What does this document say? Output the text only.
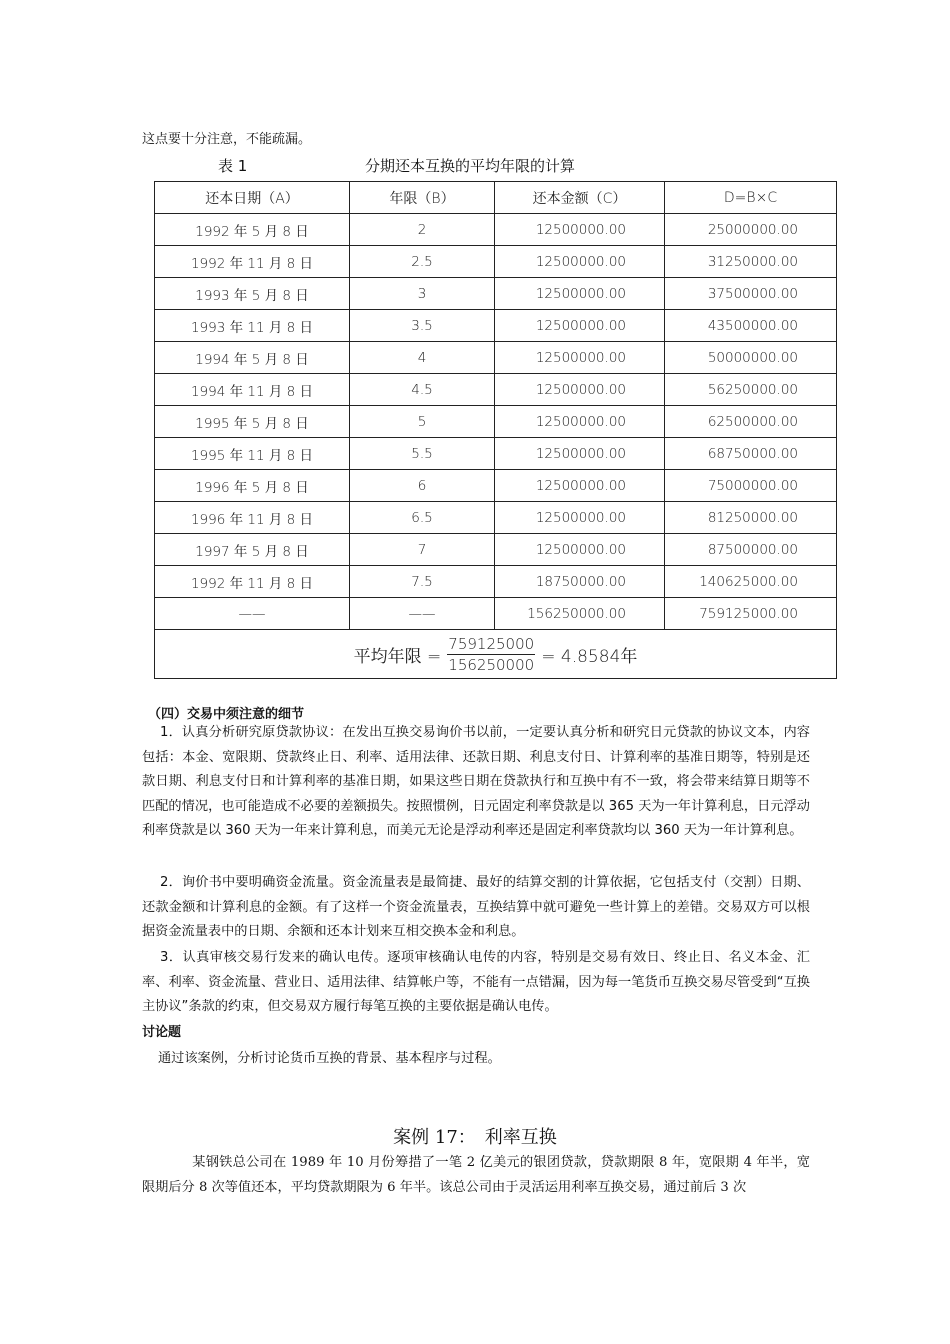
这点要十分注意，不能疏漏。
表 1	分期还本互换的平均年限的计算
还本日期（A）	年限（B）	还本金额（C）	D=B×C
1992 年 5 月 8 日	2	12500000.00	25000000.00
1992 年 11 月 8 日	2.5	12500000.00	31250000.00
1993 年 5 月 8 日	3	12500000.00	37500000.00
1993 年 11 月 8 日	3.5	12500000.00	43500000.00
1994 年 5 月 8 日	4	12500000.00	50000000.00
1994 年 11 月 8 日	4.5	12500000.00	56250000.00
1995 年 5 月 8 日	5	12500000.00	62500000.00
1995 年 11 月 8 日	5.5	12500000.00	68750000.00
1996 年 5 月 8 日	6	12500000.00	75000000.00
1996 年 11 月 8 日	6.5	12500000.00	81250000.00
1997 年 5 月 8 日	7	12500000.00	87500000.00
1992 年 11 月 8 日	7.5	18750000.00	140625000.00
——	——	156250000.00	759125000.00

平均年限 =
759125000
156250000 = 4.8584年			
（四）交易中须注意的细节
1．认真分析研究原贷款协议：在发出互换交易询价书以前，一定要认真分析和研究日元贷款的协议文本，内容包括：本金、宽限期、贷款终止日、利率、适用法律、还款日期、利息支付日、计算利率的基准日期等，特别是还款日期、利息支付日和计算利率的基准日期，如果这些日期在贷款执行和互换中有不一致，将会带来结算日期等不匹配的情况，也可能造成不必要的差额损失。按照惯例，日元固定利率贷款是以 365 天为一年计算利息，日元浮动利率贷款是以 360 天为一年来计算利息，而美元无论是浮动利率还是固定利率贷款均以 360 天为一年计算利息。
2．询价书中要明确资金流量。资金流量表是最简捷、最好的结算交割的计算依据，它包括支付（交割）日期、还款金额和计算利息的金额。有了这样一个资金流量表，互换结算中就可避免一些计算上的差错。交易双方可以根据资金流量表中的日期、余额和还本计划来互相交换本金和利息。
3．认真审核交易行发来的确认电传。逐项审核确认电传的内容，特别是交易有效日、终止日、名义本金、汇率、利率、资金流量、营业日、适用法律、结算帐户等，不能有一点错漏，因为每一笔货币互换交易尽管受到“互换主协议”条款的约束，但交易双方履行每笔互换的主要依据是确认电传。
讨论题
通过该案例，分析讨论货币互换的背景、基本程序与过程。
案例 17：　利率互换
某钢铁总公司在 1989 年 10 月份筹措了一笔 2 亿美元的银团贷款，贷款期限 8 年，宽限期 4 年半，宽限期后分 8 次等值还本，平均贷款期限为 6 年半。该总公司由于灵活运用利率互换交易，通过前后 3 次
